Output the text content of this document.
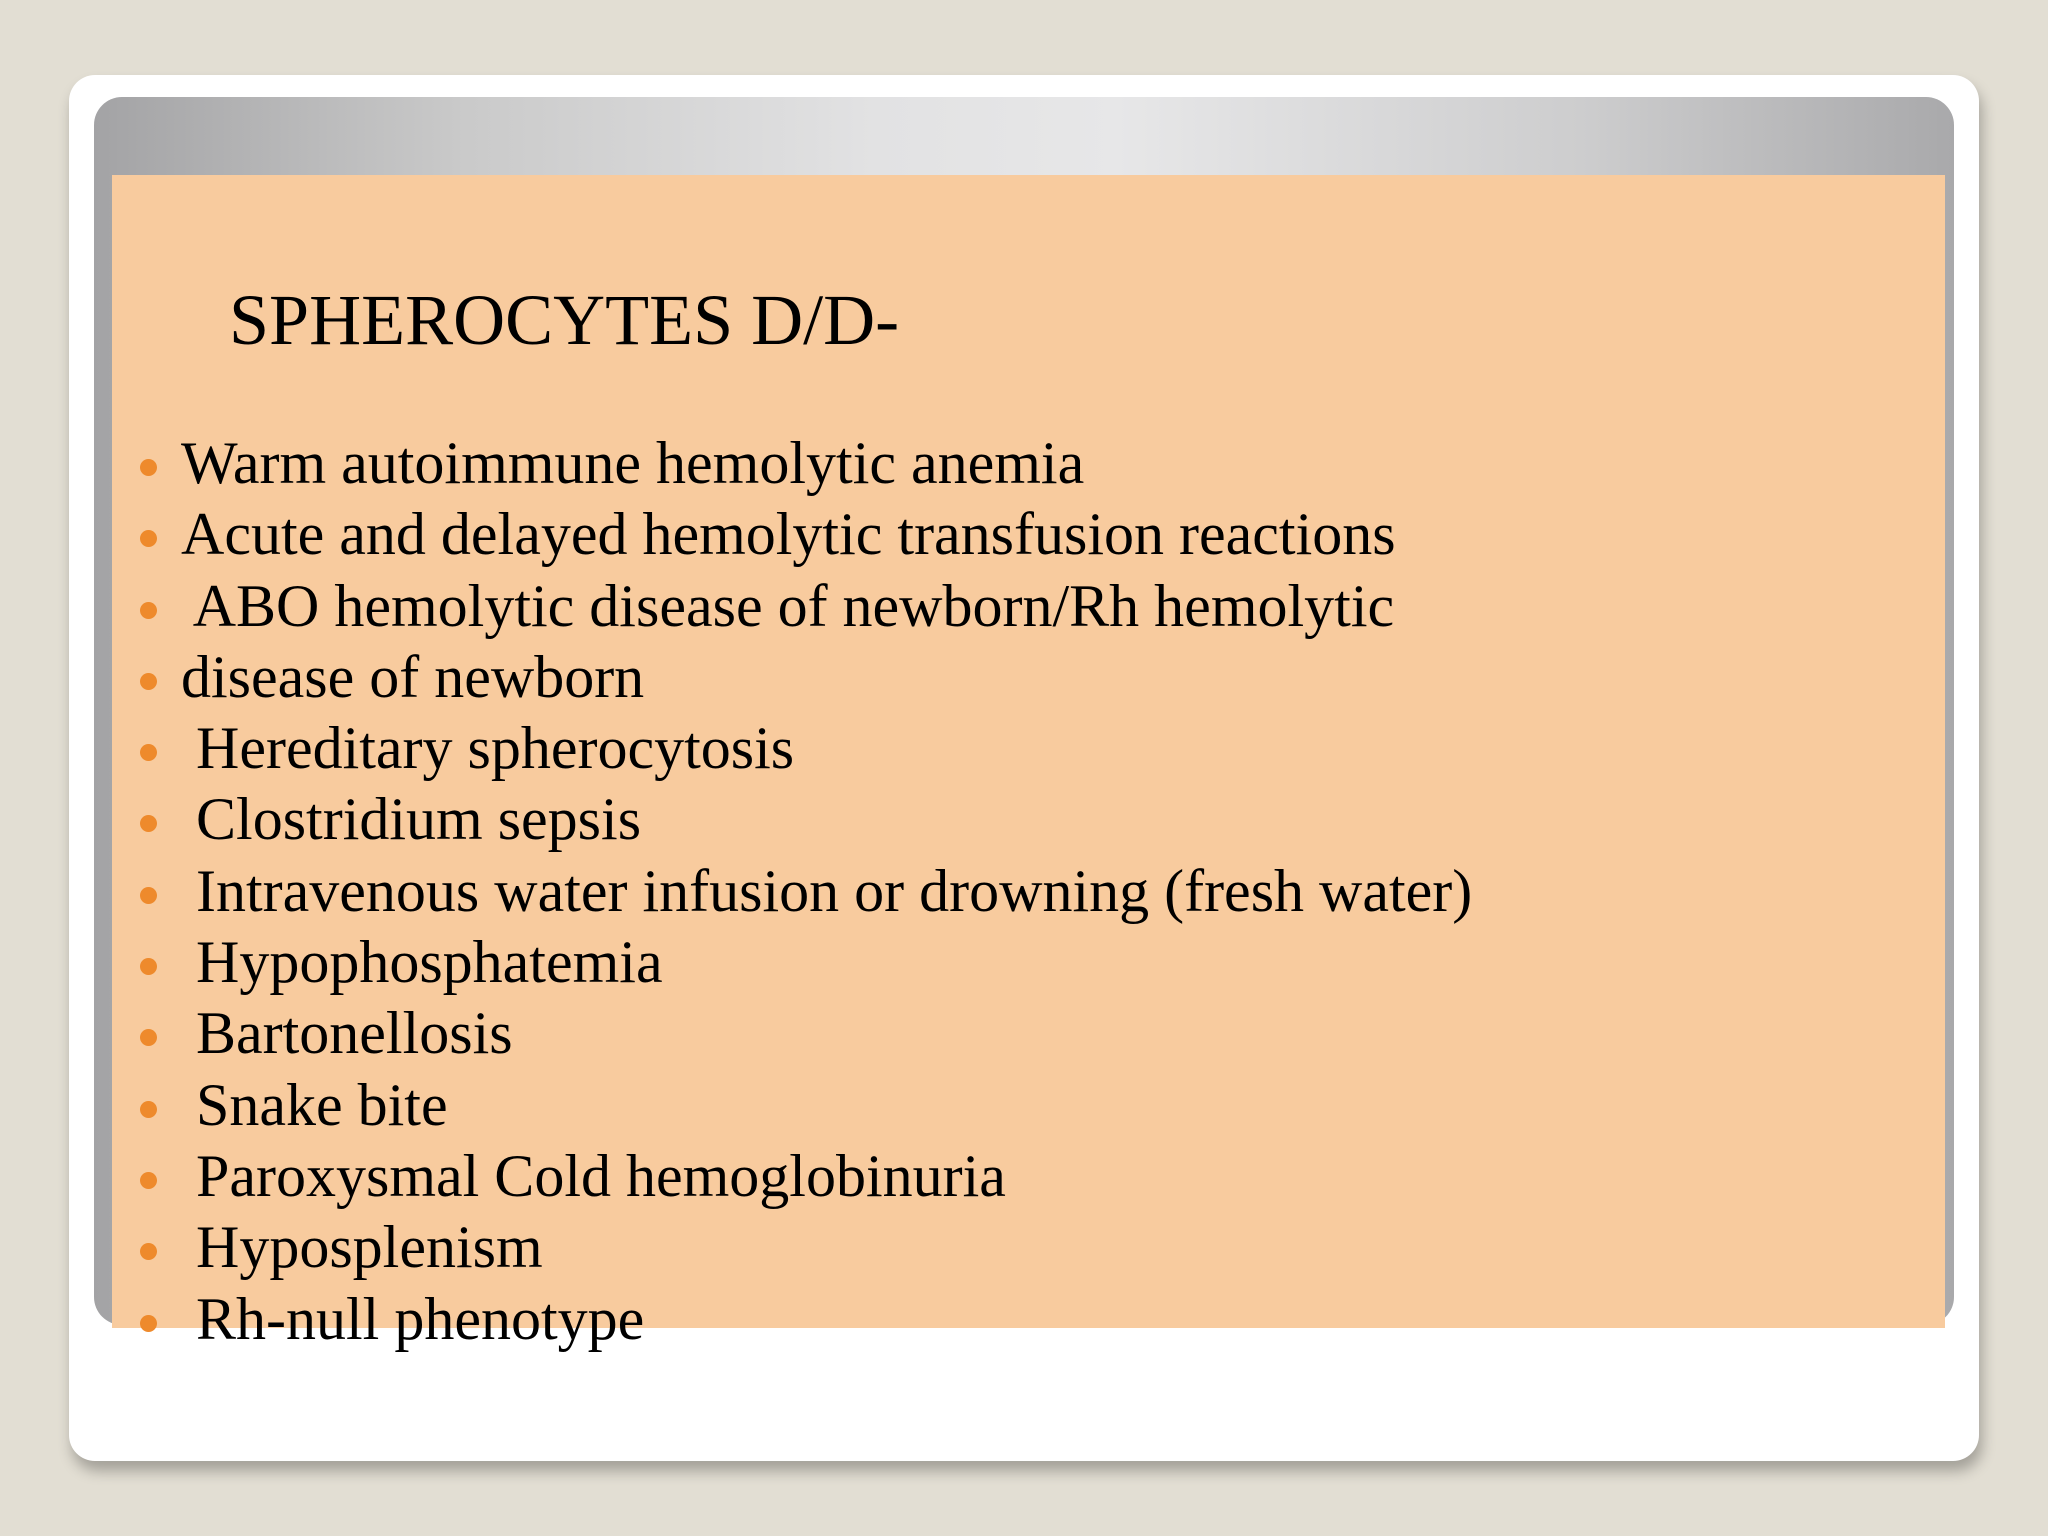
SPHEROCYTES D/D-
Warm autoimmune hemolytic anemia
Acute and delayed hemolytic transfusion reactions
ABO hemolytic disease of newborn/Rh hemolytic
disease of newborn
Hereditary spherocytosis
Clostridium sepsis
Intravenous water infusion or drowning (fresh water)
Hypophosphatemia
Bartonellosis
Snake bite
Paroxysmal Cold hemoglobinuria
Hyposplenism
Rh-null phenotype
